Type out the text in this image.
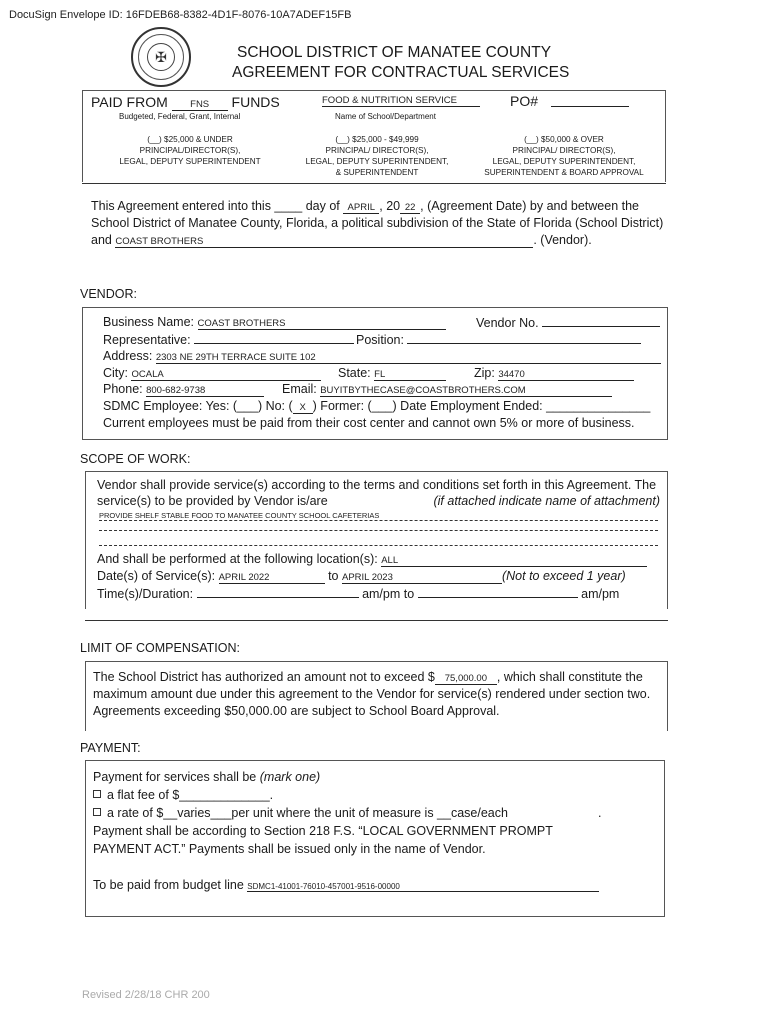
DocuSign Envelope ID: 16FDEB68-8382-4D1F-8076-10A7ADEF15FB
✠	SCHOOL DISTRICT OF MANATEE COUNTY
AGREEMENT FOR CONTRACTUAL SERVICES
PAID FROM FNS FUNDS
Budgeted, Federal, Grant, Internal
FOOD & NUTRITION SERVICE
Name of School/Department
PO#
(__) $25,000 & UNDER
PRINCIPAL/DIRECTOR(S),
LEGAL, DEPUTY SUPERINTENDENT
(__) $25,000 - $49,999
PRINCIPAL/ DIRECTOR(S),
LEGAL, DEPUTY SUPERINTENDENT,
& SUPERINTENDENT
(__) $50,000 & OVER
PRINCIPAL/ DIRECTOR(S),
LEGAL, DEPUTY SUPERINTENDENT,
SUPERINTENDENT & BOARD APPROVAL
This Agreement entered into this ____ day of APRIL , 20 22 , (Agreement Date) by and between the
School District of Manatee County, Florida, a political subdivision of the State of Florida (School District)
and COAST BROTHERS	. (Vendor).
VENDOR:
Business Name: COAST BROTHERS	Vendor No.
Representative:	Position:
Address: 2303 NE 29TH TERRACE SUITE 102
City: OCALA	State: FL	Zip: 34470
Phone: 800-682-9738	Email: BUYITBYTHECASE@COASTBROTHERS.COM
SDMC Employee: Yes: (___) No: ( X ) Former: (___) Date Employment Ended: _______________
Current employees must be paid from their cost center and cannot own 5% or more of business.
SCOPE OF WORK:
Vendor shall provide service(s) according to the terms and conditions set forth in this Agreement. The
service(s) to be provided by Vendor is/are	(if attached indicate name of attachment)
PROVIDE SHELF STABLE FOOD TO MANATEE COUNTY SCHOOL CAFETERIAS
And shall be performed at the following location(s): ALL
Date(s) of Service(s): APRIL 2022	to APRIL 2023	(Not to exceed 1 year)
Time(s)/Duration:	am/pm to	am/pm
LIMIT OF COMPENSATION:
The School District has authorized an amount not to exceed $ 75,000.00 , which shall constitute the
maximum amount due under this agreement to the Vendor for service(s) rendered under section two.
Agreements exceeding $50,000.00 are subject to School Board Approval.
PAYMENT:
Payment for services shall be (mark one)
a flat fee of $_____________.
a rate of $__varies___per unit where the unit of measure is __case/each	.
Payment shall be according to Section 218 F.S. “LOCAL GOVERNMENT PROMPT
PAYMENT ACT.” Payments shall be issued only in the name of Vendor.
To be paid from budget line SDMC1-41001-76010-457001-9516-00000
Revised 2/28/18 CHR 200
